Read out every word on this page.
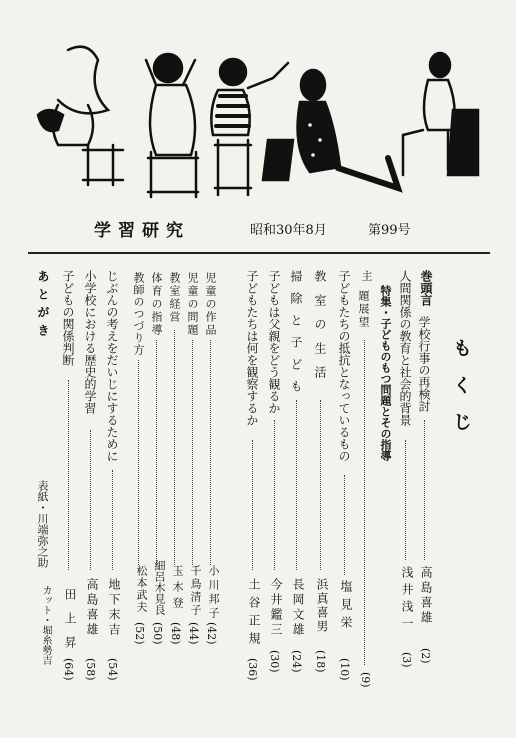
学習研究	昭和30年8月	第99号
もくじ
巻頭言
学校行事の再検討
高島喜雄
(2)
人間関係の教育と社会的背景
浅井浅一
(3)
特集・子どものもつ問題とその指導
主
題展望
(9)
子どもたちの抵抗となっているもの
塩見栄
(10)
教室の生活
浜真喜男
(18)
掃除と子ども
長岡文雄
(24)
子どもは父親をどう観るか
今井鑑三
(30)
子どもたちは何を観察するか
土谷正規
(36)
児童の作品
小川邦子
(42)
児童の問題
千鳥清子
(44)
教室経営
玉木登
(48)
体育の指導
細呂木見良
(50)
教師のつづり方
松本武夫
(52)
じぶんの考えをだいじにするために
地下末吉
(54)
小学校における歴史的学習
高島喜雄
(58)
子どもの関係判断
田上昇
(64)
あとがき
表紙・川端弥之助
カット・堀糸勢吉
